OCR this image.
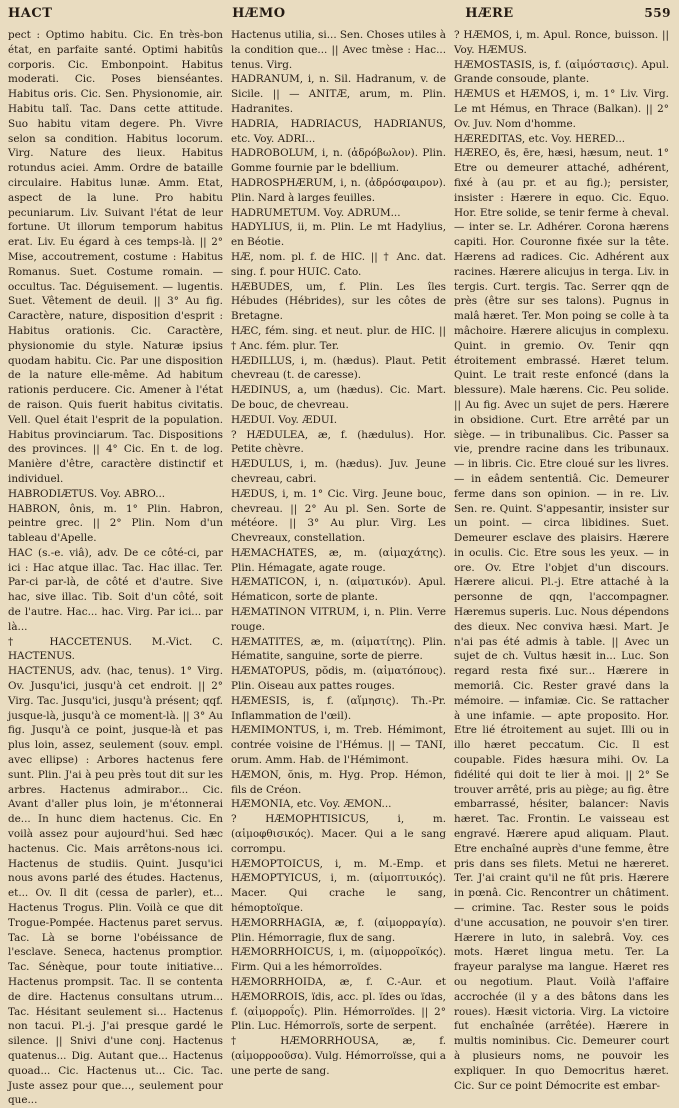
HACT	HÆMO	HÆRE	559

pect : Optimo habitu. Cic. En très-bon état, en parfaite santé. Optimi habitûs corporis. Cic. Embonpoint. Habitus moderati. Cic. Poses bienséantes. Habitus oris. Cic. Sen. Physionomie, air. Habitu talî. Tac. Dans cette attitude. Suo habitu vitam degere. Ph. Vivre selon sa condition. Habitus locorum. Virg. Nature des lieux. Habitus rotundus aciei. Amm. Ordre de bataille circulaire. Habitus lunæ. Amm. Etat, aspect de la lune. Pro habitu pecuniarum. Liv. Suivant l'état de leur fortune. Ut illorum temporum habitus erat. Liv. Eu égard à ces temps-là. || 2° Mise, accoutrement, costume : Habitus Romanus. Suet. Costume romain. — occultus. Tac. Déguisement. — lugentis. Suet. Vêtement de deuil. || 3° Au fig. Caractère, nature, disposition d'esprit : Habitus orationis. Cic. Caractère, physionomie du style. Naturæ ipsius quodam habitu. Cic. Par une disposition de la nature elle-même. Ad habitum rationis perducere. Cic. Amener à l'état de raison. Quis fuerit habitus civitatis. Vell. Quel était l'esprit de la population. Habitus provinciarum. Tac. Dispositions des provinces. || 4° Cic. En t. de log. Manière d'être, caractère distinctif et individuel.

HABRODIÆTUS. Voy. ABRO...

HABRON, ônis, m. 1° Plin. Habron, peintre grec. || 2° Plin. Nom d'un tableau d'Apelle.

HAC (s.-e. viâ), adv. De ce côté-ci, par ici : Hac atque illac. Tac. Hac illac. Ter. Par-ci par-là, de côté et d'autre. Sive hac, sive illac. Tib. Soit d'un côté, soit de l'autre. Hac... hac. Virg. Par ici... par là...

† HACCETENUS. M.-Vict. C. HACTENUS.

HACTENUS, adv. (hac, tenus). 1° Virg. Ov. Jusqu'ici, jusqu'à cet endroit. || 2° Virg. Tac. Jusqu'ici, jusqu'à présent; qqf. jusque-là, jusqu'à ce moment-là. || 3° Au fig. Jusqu'à ce point, jusque-là et pas plus loin, assez, seulement (souv. empl. avec ellipse) : Arbores hactenus fere sunt. Plin. J'ai à peu près tout dit sur les arbres. Hactenus admirabor... Cic. Avant d'aller plus loin, je m'étonnerai de... In hunc diem hactenus. Cic. En voilà assez pour aujourd'hui. Sed hæc hactenus. Cic. Mais arrêtons-nous ici. Hactenus de studiis. Quint. Jusqu'ici nous avons parlé des études. Hactenus, et... Ov. Il dit (cessa de parler), et... Hactenus Trogus. Plin. Voilà ce que dit Trogue-Pompée. Hactenus paret servus. Tac. Là se borne l'obéissance de l'esclave. Seneca, hactenus promptior. Tac. Sénèque, pour toute initiative... Hactenus prompsit. Tac. Il se contenta de dire. Hactenus consultans utrum... Tac. Hésitant seulement si... Hactenus non tacui. Pl.-j. J'ai presque gardé le silence. || Snivi d'une conj. Hactenus quatenus... Dig. Autant que... Hactenus quoad... Cic. Hactenus ut... Cic. Tac. Juste assez pour que..., seulement pour que...

Hactenus utilia, si... Sen. Choses utiles à la condition que... || Avec tmèse : Hac... tenus. Virg.

HADRANUM, i, n. Sil. Hadranum, v. de Sicile. || — ANITÆ, arum, m. Plin. Hadranites.

HADRIA, HADRIACUS, HADRIANUS, etc. Voy. ADRI...

HADROBOLUM, i, n. (ἀδρόβωλον). Plin. Gomme fournie par le bdellium.

HADROSPHÆRUM, i, n. (ἀδρόσφαιρον). Plin. Nard à larges feuilles.

HADRUMETUM. Voy. ADRUM...

HADYLIUS, ii, m. Plin. Le mt Hadylius, en Béotie.

HÆ, nom. pl. f. de HIC. || † Anc. dat. sing. f. pour HUIC. Cato.

HÆBUDES, um, f. Plin. Les îles Hébudes (Hébrides), sur les côtes de Bretagne.

HÆC, fém. sing. et neut. plur. de HIC. || † Anc. fém. plur. Ter.

HÆDILLUS, i, m. (hædus). Plaut. Petit chevreau (t. de caresse).

HÆDINUS, a, um (hædus). Cic. Mart. De bouc, de chevreau.

HÆDUI. Voy. ÆDUI.

? HÆDULEA, æ, f. (hædulus). Hor. Petite chèvre.

HÆDULUS, i, m. (hædus). Juv. Jeune chevreau, cabri.

HÆDUS, i, m. 1° Cic. Virg. Jeune bouc, chevreau. || 2° Au pl. Sen. Sorte de météore. || 3° Au plur. Virg. Les Chevreaux, constellation.

HÆMACHATES, æ, m. (αἱμαχάτης). Plin. Hémagate, agate rouge.

HÆMATICON, i, n. (αἱματικόν). Apul. Hématicon, sorte de plante.

HÆMATINON VITRUM, i, n. Plin. Verre rouge.

HÆMATITES, æ, m. (αἱματίτης). Plin. Hématite, sanguine, sorte de pierre.

HÆMATOPUS, pŏdis, m. (αἱματόπους). Plin. Oiseau aux pattes rouges.

HÆMESIS, is, f. (αἵμησις). Th.-Pr. Inflammation de l'œil).

HÆMIMONTUS, i, m. Treb. Hémimont, contrée voisine de l'Hémus. || — TANI, orum. Amm. Hab. de l'Hémimont.

HÆMON, ŏnis, m. Hyg. Prop. Hémon, fils de Créon.

HÆMONIA, etc. Voy. ÆMON...

? HÆMOPHTISICUS, i, m. (αἱμοφθισικός). Macer. Qui a le sang corrompu.

HÆMOPTOICUS, i, m. M.-Emp. et HÆMOPTYICUS, i, m. (αἱμοπτυικός). Macer. Qui crache le sang, hémoptoïque.

HÆMORRHAGIA, æ, f. (αἱμορραγία). Plin. Hémorragie, flux de sang.

HÆMORRHOICUS, i, m. (αἱμορροϊκός). Firm. Qui a les hémorroïdes.

HÆMORRHOIDA, æ, f. C.-Aur. et HÆMORROIS, ïdis, acc. pl. ïdes ou ïdas, f. (αἱμορροΐς). Plin. Hémorroïdes. || 2° Plin. Luc. Hémorroïs, sorte de serpent.

† HÆMORRHOUSA, æ, f. (αἱμορροοῦσα). Vulg. Hémorroïsse, qui a une perte de sang.

? HÆMOS, i, m. Apul. Ronce, buisson. || Voy. HÆMUS.

HÆMOSTASIS, is, f. (αἱμόστασις). Apul. Grande consoude, plante.

HÆMUS et HÆMOS, i, m. 1° Liv. Virg. Le mt Hémus, en Thrace (Balkan). || 2° Ov. Juv. Nom d'homme.

HÆREDITAS, etc. Voy. HERED...

HÆREO, ēs, ēre, hæsi, hæsum, neut. 1° Etre ou demeurer attaché, adhérent, fixé à (au pr. et au fig.); persister, insister : Hærere in equo. Cic. Equo. Hor. Etre solide, se tenir ferme à cheval. — inter se. Lr. Adhérer. Corona hærens capiti. Hor. Couronne fixée sur la tête. Hærens ad radices. Cic. Adhérent aux racines. Hærere alicujus in terga. Liv. in tergis. Curt. tergis. Tac. Serrer qqn de près (être sur ses talons). Pugnus in malâ hæret. Ter. Mon poing se colle à ta mâchoire. Hærere alicujus in complexu. Quint. in gremio. Ov. Tenir qqn étroitement embrassé. Hæret telum. Quint. Le trait reste enfoncé (dans la blessure). Male hærens. Cic. Peu solide. || Au fig. Avec un sujet de pers. Hærere in obsidione. Curt. Etre arrêté par un siège. — in tribunalibus. Cic. Passer sa vie, prendre racine dans les tribunaux. — in libris. Cic. Etre cloué sur les livres. — in eâdem sententiâ. Cic. Demeurer ferme dans son opinion. — in re. Liv. Sen. re. Quint. S'appesantir, insister sur un point. — circa libidines. Suet. Demeurer esclave des plaisirs. Hærere in oculis. Cic. Etre sous les yeux. — in ore. Ov. Etre l'objet d'un discours. Hærere alicui. Pl.-j. Etre attaché à la personne de qqn, l'accompagner. Hæremus superis. Luc. Nous dépendons des dieux. Nec conviva hæsi. Mart. Je n'ai pas été admis à table. || Avec un sujet de ch. Vultus hæsit in... Luc. Son regard resta fixé sur... Hærere in memoriâ. Cic. Rester gravé dans la mémoire. — infamiæ. Cic. Se rattacher à une infamie. — apte proposito. Hor. Etre lié étroitement au sujet. Illi ou in illo hæret peccatum. Cic. Il est coupable. Fides hæsura mihi. Ov. La fidélité qui doit te lier à moi. || 2° Se trouver arrêté, pris au piège; au fig. être embarrassé, hésiter, balancer: Navis hæret. Tac. Frontin. Le vaisseau est engravé. Hærere apud aliquam. Plaut. Etre enchaîné auprès d'une femme, être pris dans ses filets. Metui ne hæreret. Ter. J'ai craint qu'il ne fût pris. Hærere in pœnâ. Cic. Rencontrer un châtiment. — crimine. Tac. Rester sous le poids d'une accusation, ne pouvoir s'en tirer. Hærere in luto, in salebrâ. Voy. ces mots. Hæret lingua metu. Ter. La frayeur paralyse ma langue. Hæret res ou negotium. Plaut. Voilà l'affaire accrochée (il y a des bâtons dans les roues). Hæsit victoria. Virg. La victoire fut enchaînée (arrêtée). Hærere in multis nominibus. Cic. Demeurer court à plusieurs noms, ne pouvoir les expliquer. In quo Democritus hæret. Cic. Sur ce point Démocrite est embar-
